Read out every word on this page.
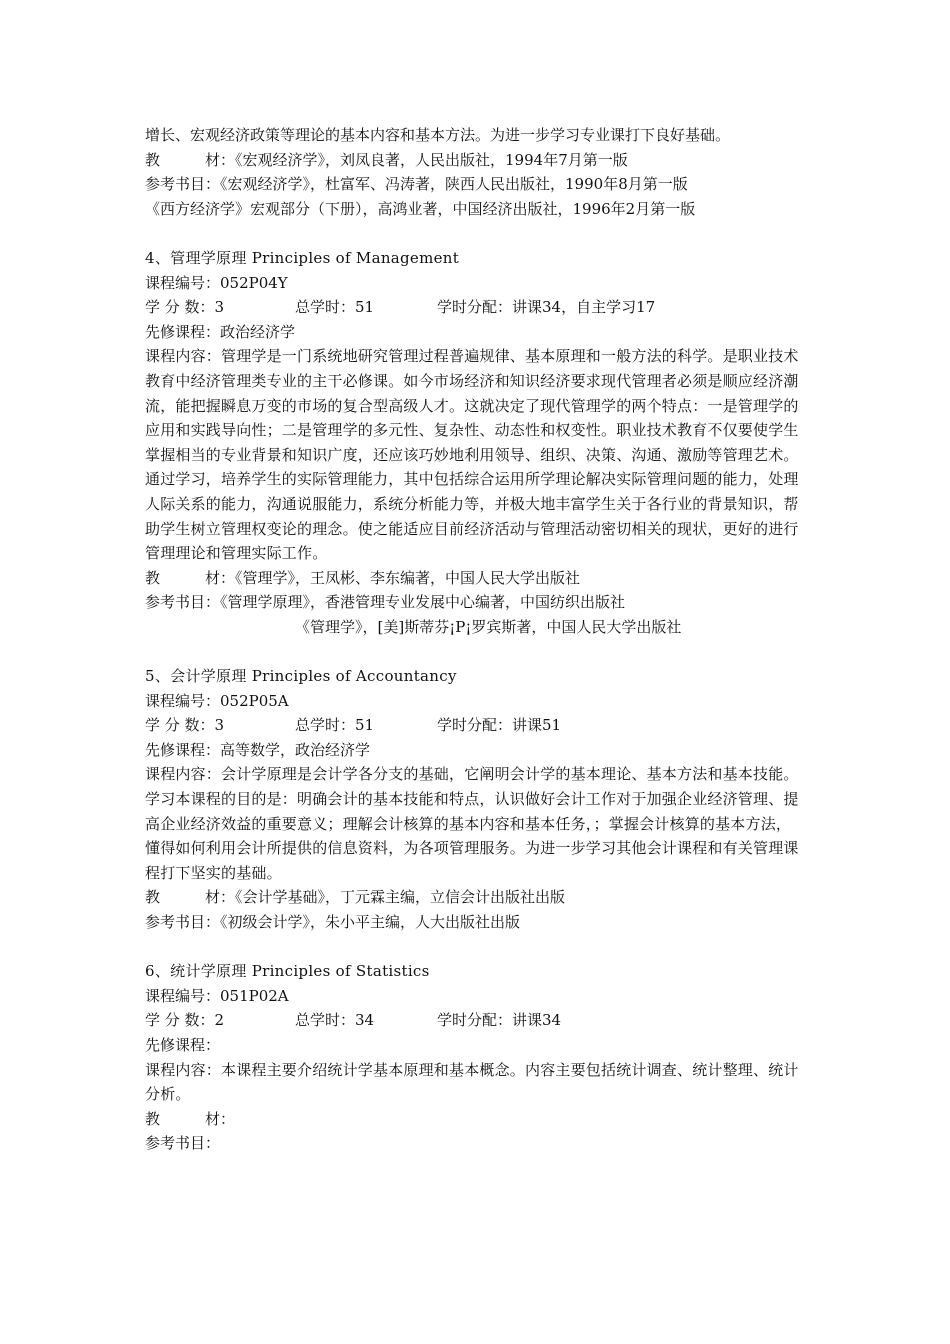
增长、宏观经济政策等理论的基本内容和基本方法。为进一步学习专业课打下良好基础。
教　　　材：《宏观经济学》，刘凤良著，人民出版社，1994年7月第一版
参考书目：《宏观经济学》，杜富军、冯涛著，陕西人民出版社，1990年8月第一版
《西方经济学》宏观部分（下册），高鸿业著，中国经济出版社，1996年2月第一版
4、管理学原理 Principles of Management
课程编号：052P04Y
学 分 数：3	总学时：51	学时分配：讲课34，自主学习17
先修课程：政治经济学
课程内容：管理学是一门系统地研究管理过程普遍规律、基本原理和一般方法的科学。是职业技术教育中经济管理类专业的主干必修课。如今市场经济和知识经济要求现代管理者必须是顺应经济潮流，能把握瞬息万变的市场的复合型高级人才。这就决定了现代管理学的两个特点：一是管理学的应用和实践导向性；二是管理学的多元性、复杂性、动态性和权变性。职业技术教育不仅要使学生掌握相当的专业背景和知识广度，还应该巧妙地利用领导、组织、决策、沟通、激励等管理艺术。通过学习，培养学生的实际管理能力，其中包括综合运用所学理论解决实际管理问题的能力，处理人际关系的能力，沟通说服能力，系统分析能力等，并极大地丰富学生关于各行业的背景知识，帮助学生树立管理权变论的理念。使之能适应目前经济活动与管理活动密切相关的现状，更好的进行管理理论和管理实际工作。
教　　　材：《管理学》，王凤彬、李东编著，中国人民大学出版社
参考书目：《管理学原理》，香港管理专业发展中心编著，中国纺织出版社
《管理学》，[美]斯蒂芬¡P¡罗宾斯著，中国人民大学出版社
5、会计学原理 Principles of Accountancy
课程编号：052P05A
学 分 数：3	总学时：51	学时分配：讲课51
先修课程：高等数学，政治经济学
课程内容：会计学原理是会计学各分支的基础，它阐明会计学的基本理论、基本方法和基本技能。学习本课程的目的是：明确会计的基本技能和特点，认识做好会计工作对于加强企业经济管理、提高企业经济效益的重要意义；理解会计核算的基本内容和基本任务，；掌握会计核算的基本方法，懂得如何利用会计所提供的信息资料，为各项管理服务。为进一步学习其他会计课程和有关管理课程打下坚实的基础。
教　　　材：《会计学基础》，丁元霖主编，立信会计出版社出版
参考书目：《初级会计学》，朱小平主编，人大出版社出版
6、统计学原理 Principles of Statistics
课程编号：051P02A
学 分 数：2	总学时：34	学时分配：讲课34
先修课程：
课程内容：本课程主要介绍统计学基本原理和基本概念。内容主要包括统计调查、统计整理、统计分析。
教　　　材：
参考书目：
